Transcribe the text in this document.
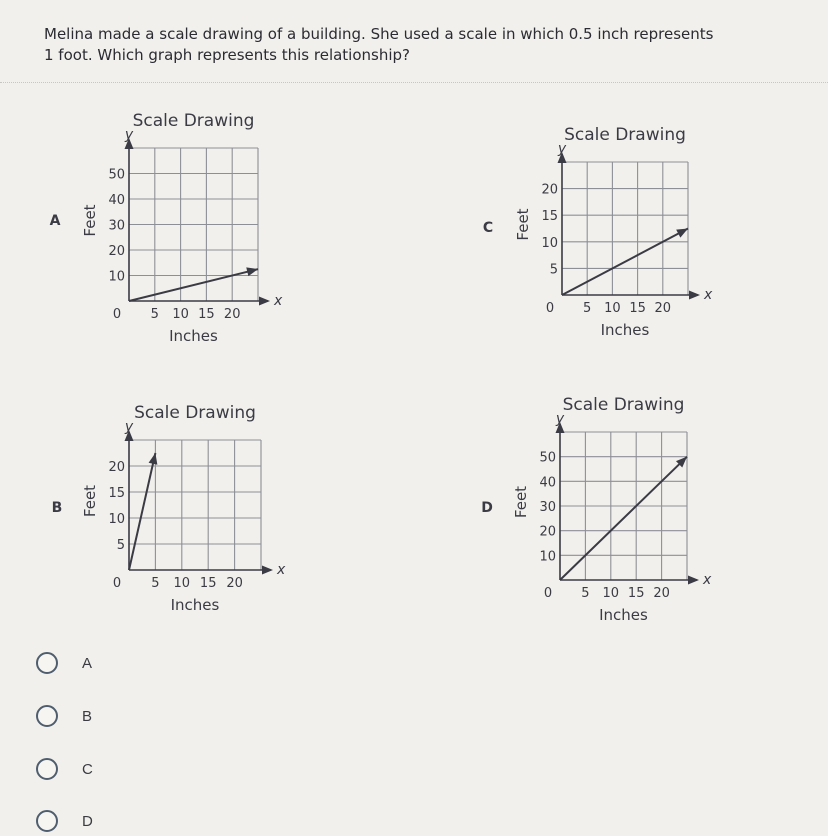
Melina made a scale drawing of a building. She used a scale in which 0.5 inch represents
1 foot. Which graph represents this relationship?

Scale Drawing
y
x
0 5 10 15 20
10
20
30
40
50
Inches
Feet
A
Scale Drawing
y
x
0 5 10 15 20
5
10
15
20
Inches
Feet
B
Scale Drawing
y
x
0 5 10 15 20
5
10
15
20
Inches
Feet
C
Scale Drawing
y
x
0 5 10 15 20
10
20
30
40
50
Inches
Feet
D
A
B
C
D
